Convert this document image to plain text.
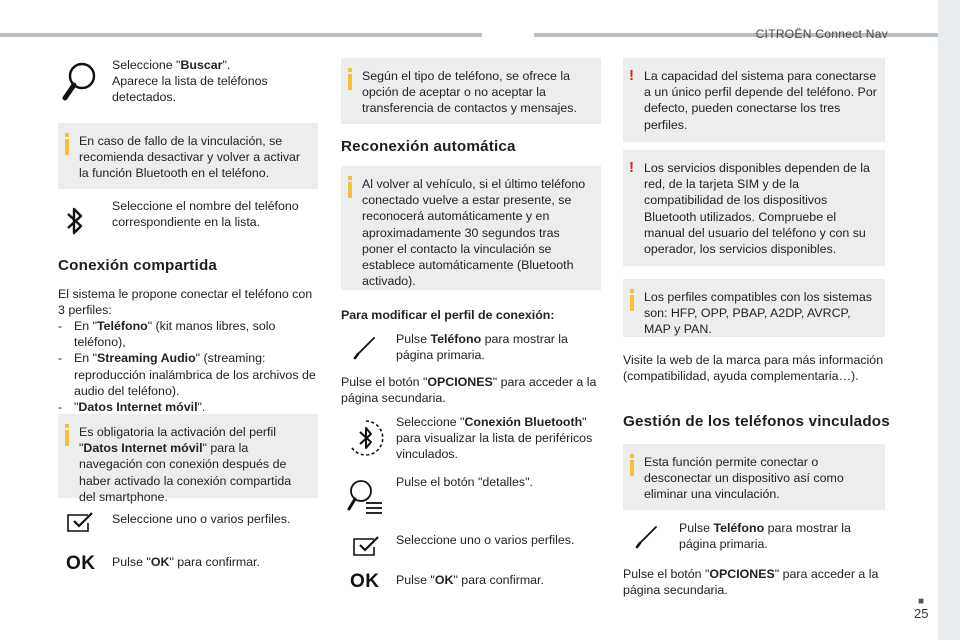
CITROËN Connect Nav
■
25
Seleccione "Buscar".
Aparece la lista de teléfonos detectados.
En caso de fallo de la vinculación, se recomienda desactivar y volver a activar la función Bluetooth en el teléfono.
Seleccione el nombre del teléfono correspondiente en la lista.
Conexión compartida
El sistema le propone conectar el teléfono con 3 perfiles:
- En "Teléfono" (kit manos libres, solo teléfono),
- En "Streaming Audio" (streaming: reproducción inalámbrica de los archivos de audio del teléfono).
- "Datos Internet móvil".
Es obligatoria la activación del perfil "Datos Internet móvil" para la navegación con conexión después de haber activado la conexión compartida del smartphone.
Seleccione uno o varios perfiles.
OK Pulse "OK" para confirmar.
Según el tipo de teléfono, se ofrece la opción de aceptar o no aceptar la transferencia de contactos y mensajes.
Reconexión automática
Al volver al vehículo, si el último teléfono conectado vuelve a estar presente, se reconocerá automáticamente y en aproximadamente 30 segundos tras poner el contacto la vinculación se establece automáticamente (Bluetooth activado).
Para modificar el perfil de conexión:
Pulse Teléfono para mostrar la página primaria.
Pulse el botón "OPCIONES" para acceder a la página secundaria.
Seleccione "Conexión Bluetooth" para visualizar la lista de periféricos vinculados.
Pulse el botón "detalles".
Seleccione uno o varios perfiles.
OK Pulse "OK" para confirmar.
! La capacidad del sistema para conectarse a un único perfil depende del teléfono. Por defecto, pueden conectarse los tres perfiles.
! Los servicios disponibles dependen de la red, de la tarjeta SIM y de la compatibilidad de los dispositivos Bluetooth utilizados. Compruebe el manual del usuario del teléfono y con su operador, los servicios disponibles.
Los perfiles compatibles con los sistemas son: HFP, OPP, PBAP, A2DP, AVRCP, MAP y PAN.
Visite la web de la marca para más información (compatibilidad, ayuda complementaria…).
Gestión de los teléfonos vinculados
Esta función permite conectar o desconectar un dispositivo así como eliminar una vinculación.
Pulse Teléfono para mostrar la página primaria.
Pulse el botón "OPCIONES" para acceder a la página secundaria.
